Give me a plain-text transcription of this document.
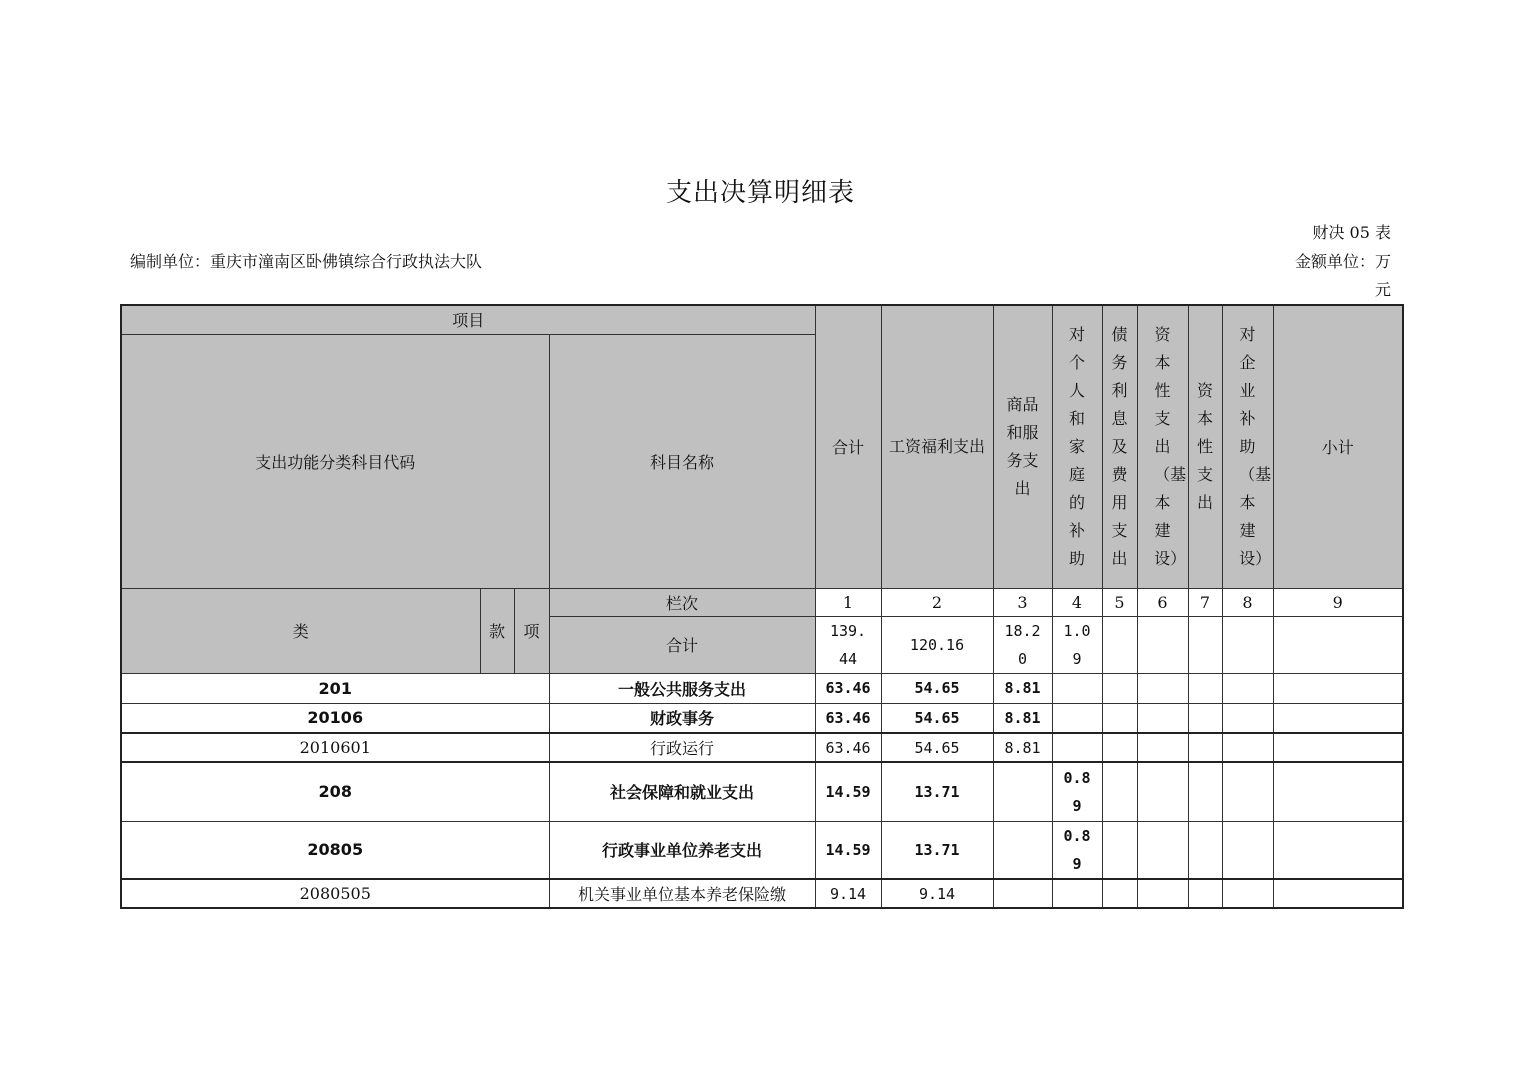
支出决算明细表
财决 05 表
编制单位：重庆市潼南区卧佛镇综合行政执法大队	金额单位：万元
项目				合计	工资福利支出	商品和服务支出	对个人和家庭的补助	债务利息及费用支出	资本性支出（基本建设）	资本性支出	对企业补助（基本建设）	小计
支出功能分类科目代码			科目名称									
类	款	项	栏次	1	2	3	4	5	6	7	8	9
			合计	139.44	120.16	18.20	1.09					
201			一般公共服务支出	63.46	54.65	8.81						
20106			财政事务	63.46	54.65	8.81						
2010601			行政运行	63.46	54.65	8.81						
208			社会保障和就业支出	14.59	13.71		0.89					
20805			行政事业单位养老支出	14.59	13.71		0.89					
2080505			机关事业单位基本养老保险缴	9.14	9.14							
